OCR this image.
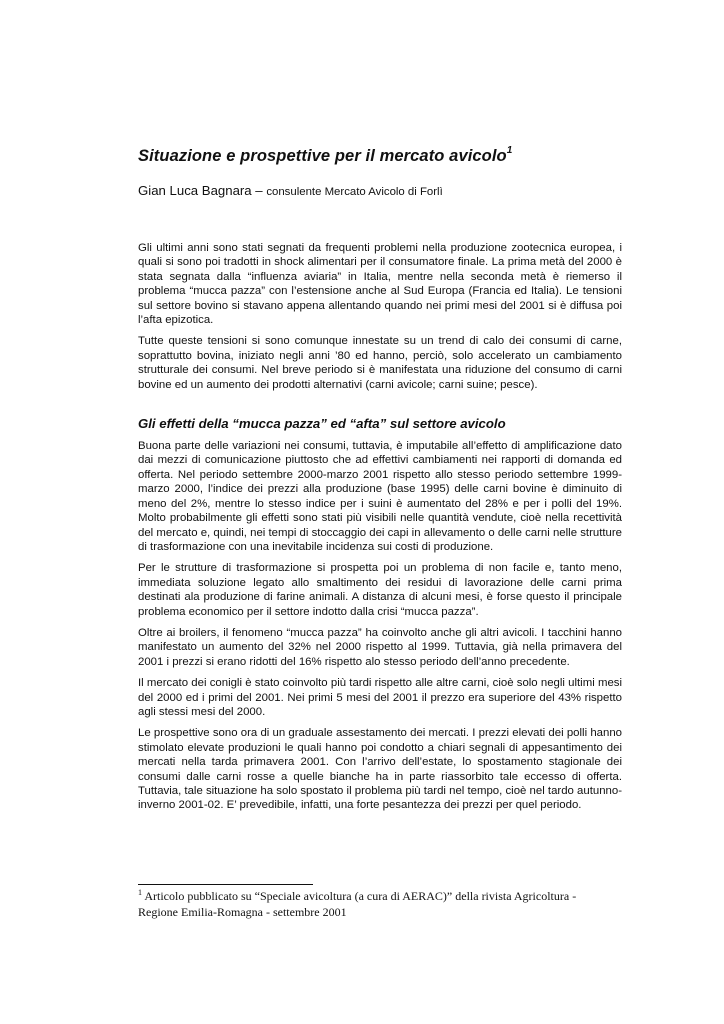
Situazione e prospettive per il mercato avicolo$^1$
Gian Luca Bagnara – consulente Mercato Avicolo di Forlì

Gli ultimi anni sono stati segnati da frequenti problemi nella produzione zootecnica europea, i quali si sono poi tradotti in shock alimentari per il consumatore finale. La prima metà del 2000 è stata segnata dalla “influenza aviaria” in Italia, mentre nella seconda metà è riemerso il problema “mucca pazza” con l’estensione anche al Sud Europa (Francia ed Italia). Le tensioni sul settore bovino si stavano appena allentando quando nei primi mesi del 2001 si è diffusa poi l’afta epizotica.

Tutte queste tensioni si sono comunque innestate su un trend di calo dei consumi di carne, soprattutto bovina, iniziato negli anni ’80 ed hanno, perciò, solo accelerato un cambiamento strutturale dei consumi. Nel breve periodo si è manifestata una riduzione del consumo di carni bovine ed un aumento dei prodotti alternativi (carni avicole; carni suine; pesce).

Gli effetti della “mucca pazza” ed “afta” sul settore avicolo

Buona parte delle variazioni nei consumi, tuttavia, è imputabile all’effetto di amplificazione dato dai mezzi di comunicazione piuttosto che ad effettivi cambiamenti nei rapporti di domanda ed offerta. Nel periodo settembre 2000-marzo 2001 rispetto allo stesso periodo settembre 1999-marzo 2000, l’indice dei prezzi alla produzione (base 1995) delle carni bovine è diminuito di meno del 2%, mentre lo stesso indice per i suini è aumentato del 28% e per i polli del 19%. Molto probabilmente gli effetti sono stati più visibili nelle quantità vendute, cioè nella recettività del mercato e, quindi, nei tempi di stoccaggio dei capi in allevamento o delle carni nelle strutture di trasformazione con una inevitabile incidenza sui costi di produzione.

Per le strutture di trasformazione si prospetta poi un problema di non facile e, tanto meno, immediata soluzione legato allo smaltimento dei residui di lavorazione delle carni prima destinati ala produzione di farine animali. A distanza di alcuni mesi, è forse questo il principale problema economico per il settore indotto dalla crisi “mucca pazza”.

Oltre ai broilers, il fenomeno “mucca pazza” ha coinvolto anche gli altri avicoli. I tacchini hanno manifestato un aumento del 32% nel 2000 rispetto al 1999. Tuttavia, già nella primavera del 2001 i prezzi si erano ridotti del 16% rispetto alo stesso periodo dell’anno precedente.

Il mercato dei conigli è stato coinvolto più tardi rispetto alle altre carni, cioè solo negli ultimi mesi del 2000 ed i primi del 2001. Nei primi 5 mesi del 2001 il prezzo era superiore del 43% rispetto agli stessi mesi del 2000.

Le prospettive sono ora di un graduale assestamento dei mercati. I prezzi elevati dei polli hanno stimolato elevate produzioni le quali hanno poi condotto a chiari segnali di appesantimento dei mercati nella tarda primavera 2001. Con l’arrivo dell’estate, lo spostamento stagionale dei consumi dalle carni rosse a quelle bianche ha in parte riassorbito tale eccesso di offerta. Tuttavia, tale situazione ha solo spostato il problema più tardi nel tempo, cioè nel tardo autunno-inverno 2001-02. E’ prevedibile, infatti, una forte pesantezza dei prezzi per quel periodo.

$^1$ Articolo pubblicato su “Speciale avicoltura (a cura di AERAC)” della rivista Agricoltura -
Regione Emilia-Romagna - settembre 2001
